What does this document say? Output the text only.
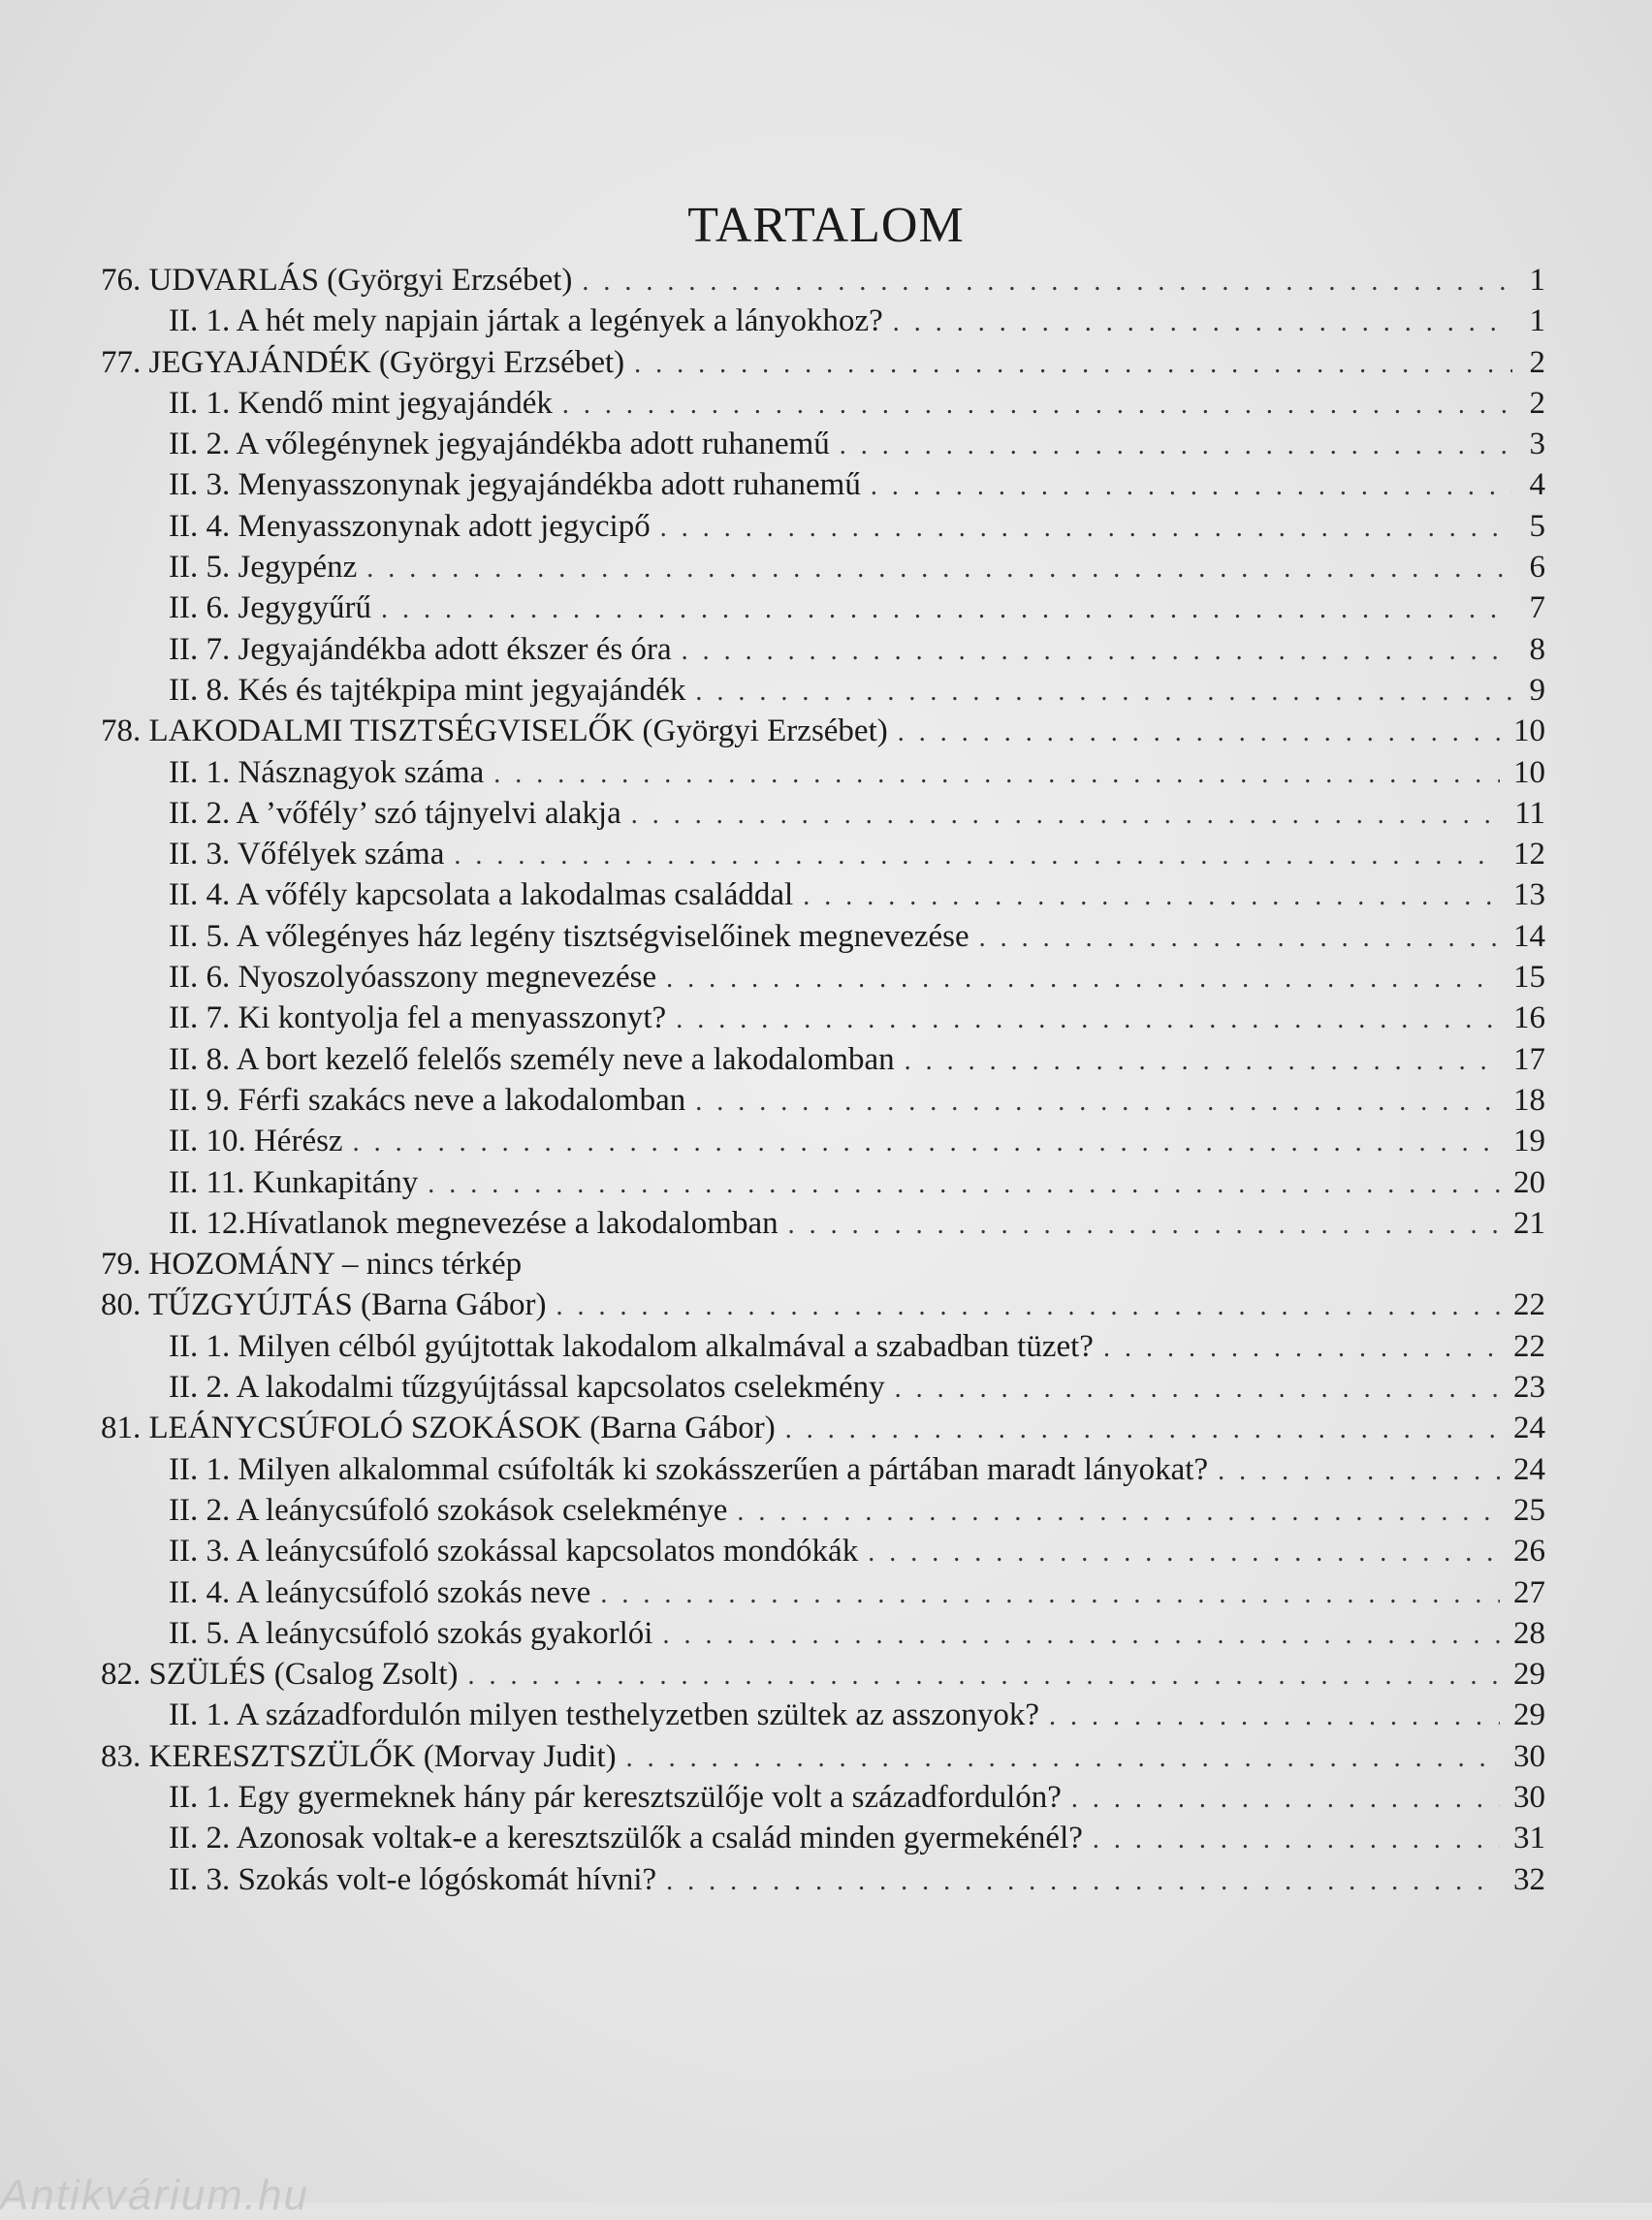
TARTALOM
76. UDVARLÁS (Györgyi Erzsébet) . . .	1
II. 1. A hét mely napjain jártak a legények a lányokhoz? . . .	1
77. JEGYAJÁNDÉK (Györgyi Erzsébet) . . .	2
II. 1. Kendő mint jegyajándék . . .	2
II. 2. A vőlegénynek jegyajándékba adott ruhanemű . . .	3
II. 3. Menyasszonynak jegyajándékba adott ruhanemű . . .	4
II. 4. Menyasszonynak adott jegycipő . . .	5
II. 5. Jegypénz . . .	6
II. 6. Jegygyűrű . . .	7
II. 7. Jegyajándékba adott ékszer és óra . . .	8
II. 8. Kés és tajtékpipa mint jegyajándék . . .	9
78. LAKODALMI TISZTSÉGVISELŐK (Györgyi Erzsébet) . . .	10
II. 1. Násznagyok száma . . .	10
II. 2. A ’vőfély’ szó tájnyelvi alakja . . .	11
II. 3. Vőfélyek száma . . .	12
II. 4. A vőfély kapcsolata a lakodalmas családdal . . .	13
II. 5. A vőlegényes ház legény tisztségviselőinek megnevezése . . .	14
II. 6. Nyoszolyóasszony megnevezése . . .	15
II. 7. Ki kontyolja fel a menyasszonyt? . . .	16
II. 8. A bort kezelő felelős személy neve a lakodalomban . . .	17
II. 9. Férfi szakács neve a lakodalomban . . .	18
II. 10. Hérész . . .	19
II. 11. Kunkapitány . . .	20
II. 12.Hívatlanok megnevezése a lakodalomban . . .	21
79. HOZOMÁNY – nincs térkép
80. TŰZGYÚJTÁS (Barna Gábor) . . .	22
II. 1. Milyen célból gyújtottak lakodalom alkalmával a szabadban tüzet? . . .	22
II. 2. A lakodalmi tűzgyújtással kapcsolatos cselekmény . . .	23
81. LEÁNYCSÚFOLÓ SZOKÁSOK (Barna Gábor) . . .	24
II. 1. Milyen alkalommal csúfolták ki szokásszerűen a pártában maradt lányokat? . . .	24
II. 2. A leánycsúfoló szokások cselekménye . . .	25
II. 3. A leánycsúfoló szokással kapcsolatos mondókák . . .	26
II. 4. A leánycsúfoló szokás neve . . .	27
II. 5. A leánycsúfoló szokás gyakorlói . . .	28
82. SZÜLÉS (Csalog Zsolt) . . .	29
II. 1. A századfordulón milyen testhelyzetben szültek az asszonyok? . . .	29
83. KERESZTSZÜLŐK (Morvay Judit) . . .	30
II. 1. Egy gyermeknek hány pár keresztszülője volt a századfordulón? . . .	30
II. 2. Azonosak voltak-e a keresztszülők a család minden gyermekénél? . . .	31
II. 3. Szokás volt-e lógóskomát hívni? . . .	32
Antikvárium.hu
